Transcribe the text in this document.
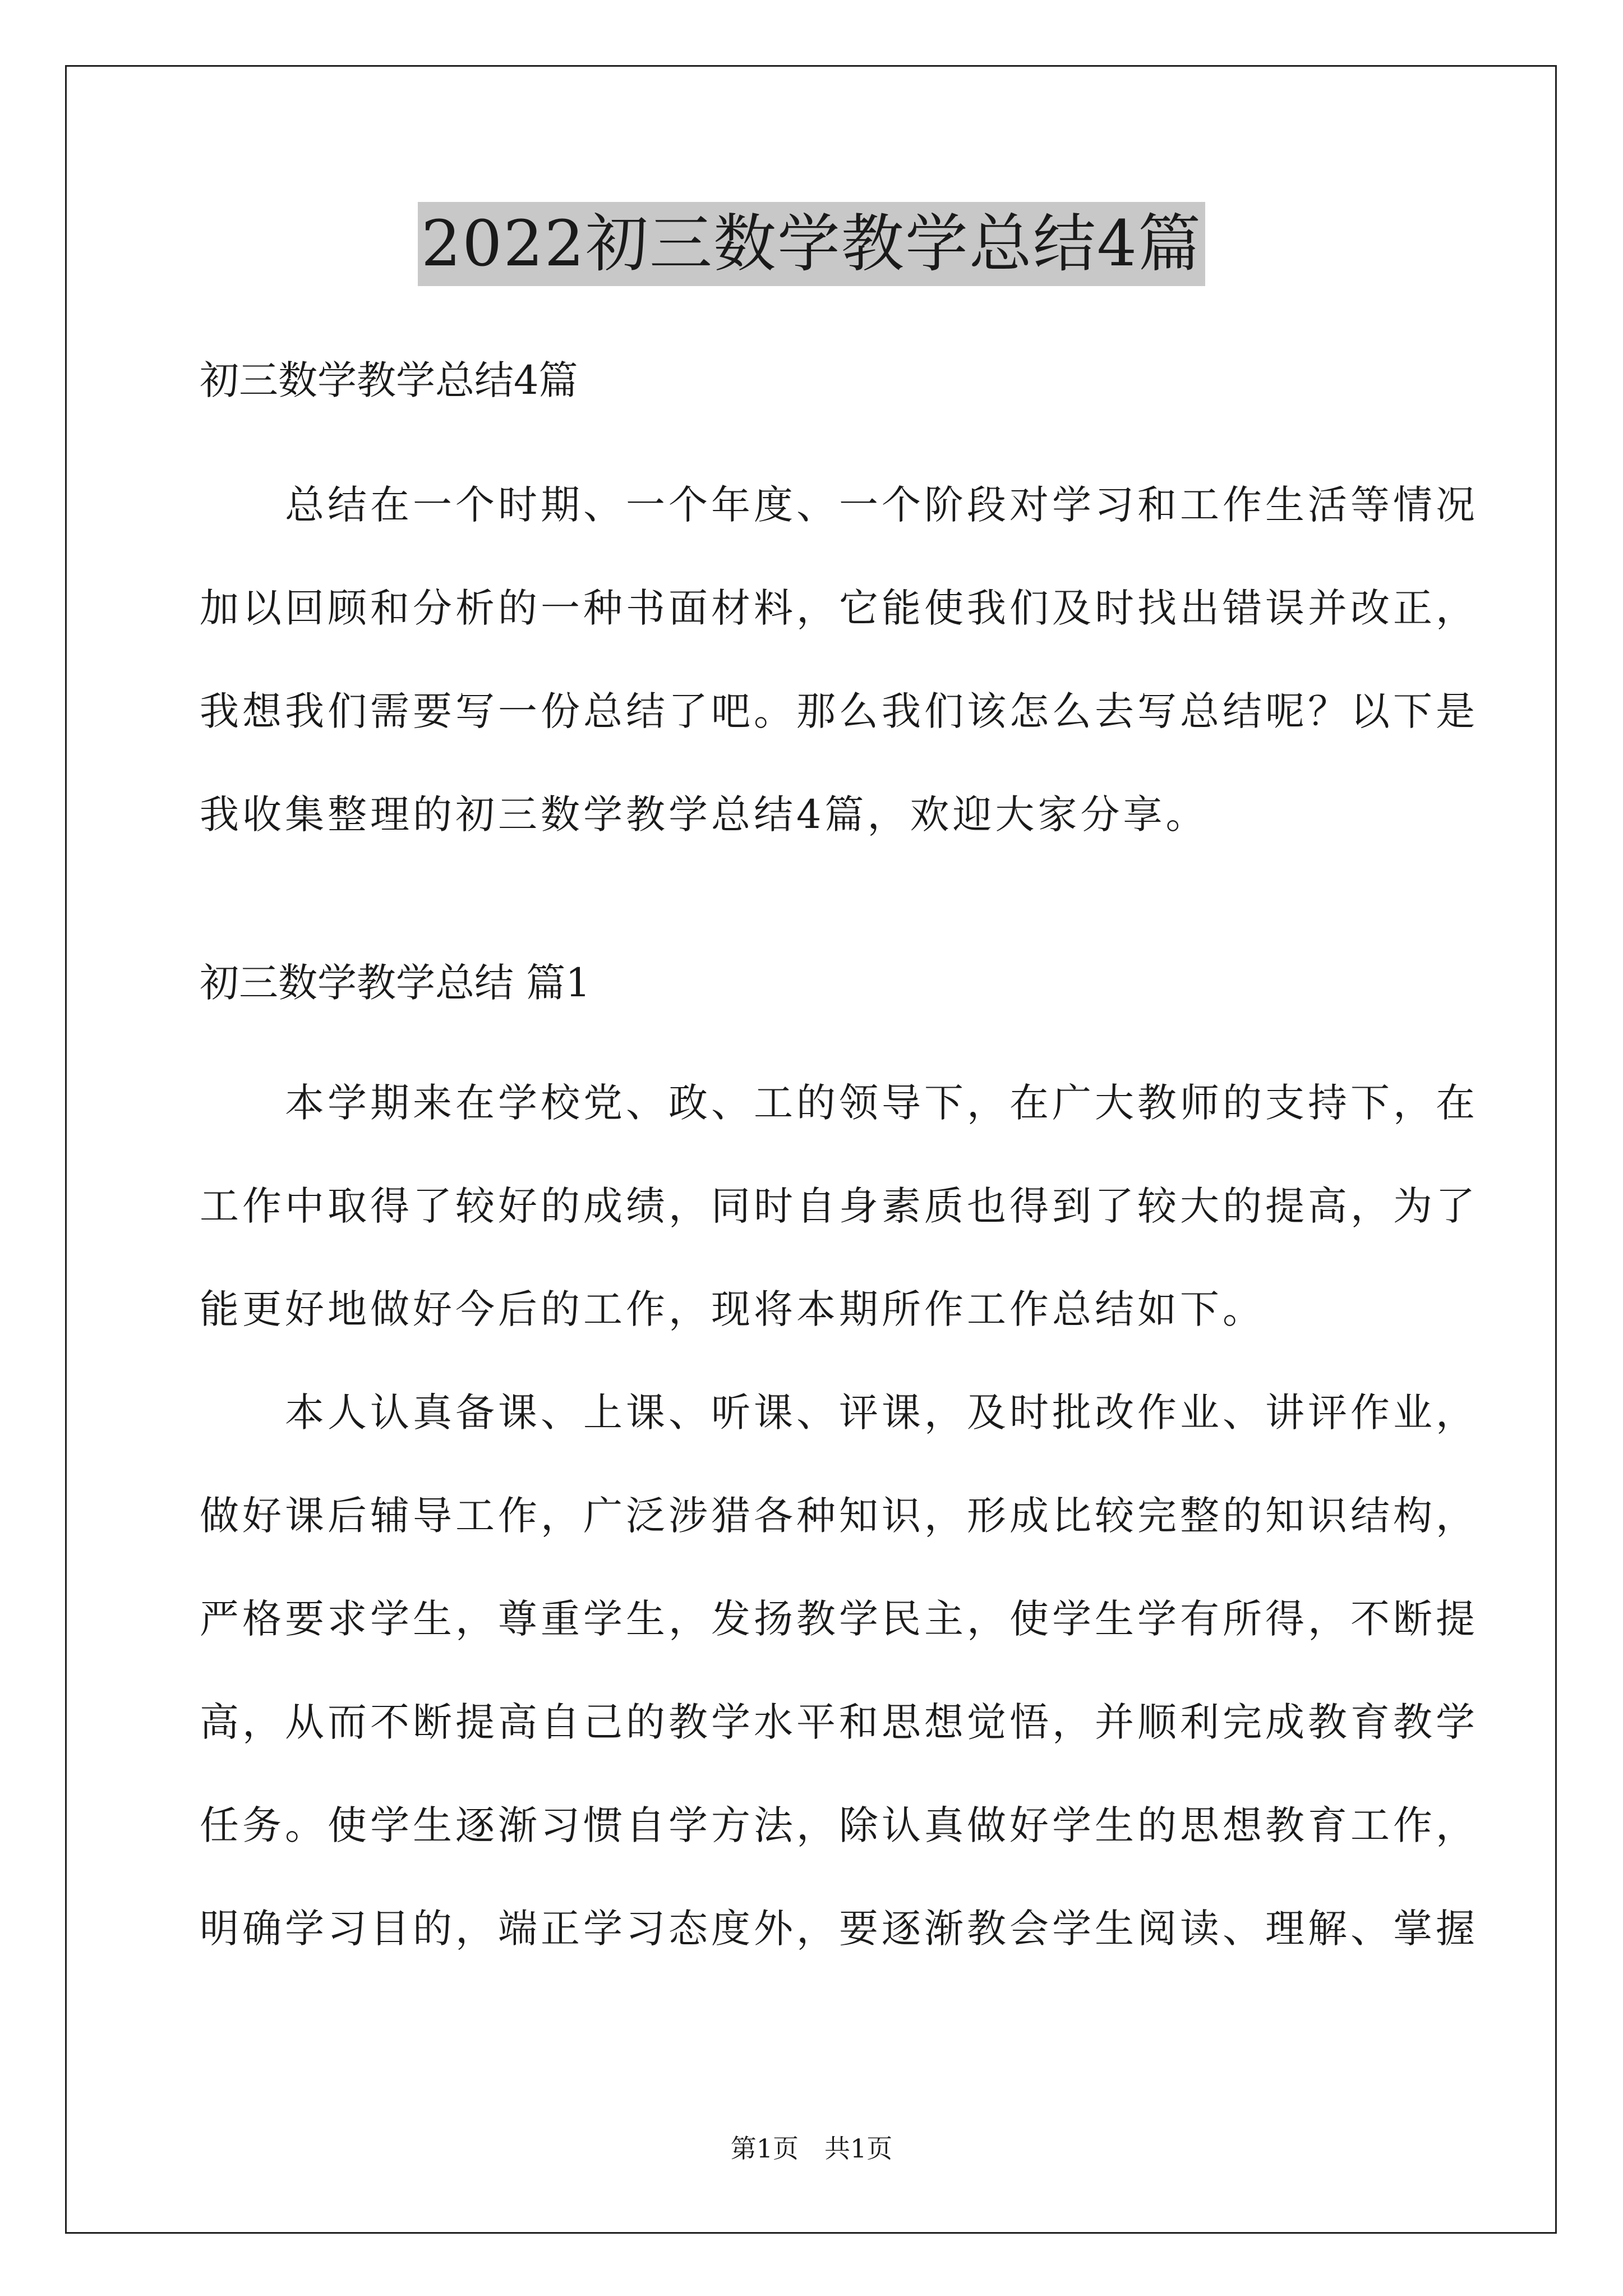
2022初三数学教学总结4篇

初三数学教学总结4篇

　　总结在一个时期、一个年度、一个阶段对学习和工作生活等情况
加以回顾和分析的一种书面材料，它能使我们及时找出错误并改正，
我想我们需要写一份总结了吧。那么我们该怎么去写总结呢？以下是
我收集整理的初三数学教学总结4篇，欢迎大家分享。

初三数学教学总结 篇1

　　本学期来在学校党、政、工的领导下，在广大教师的支持下，在
工作中取得了较好的成绩，同时自身素质也得到了较大的提高，为了
能更好地做好今后的工作，现将本期所作工作总结如下。

　　本人认真备课、上课、听课、评课，及时批改作业、讲评作业，
做好课后辅导工作，广泛涉猎各种知识，形成比较完整的知识结构，
严格要求学生，尊重学生，发扬教学民主，使学生学有所得，不断提
高，从而不断提高自己的教学水平和思想觉悟，并顺利完成教育教学
任务。使学生逐渐习惯自学方法，除认真做好学生的思想教育工作，
明确学习目的，端正学习态度外，要逐渐教会学生阅读、理解、掌握

第1页　共1页
